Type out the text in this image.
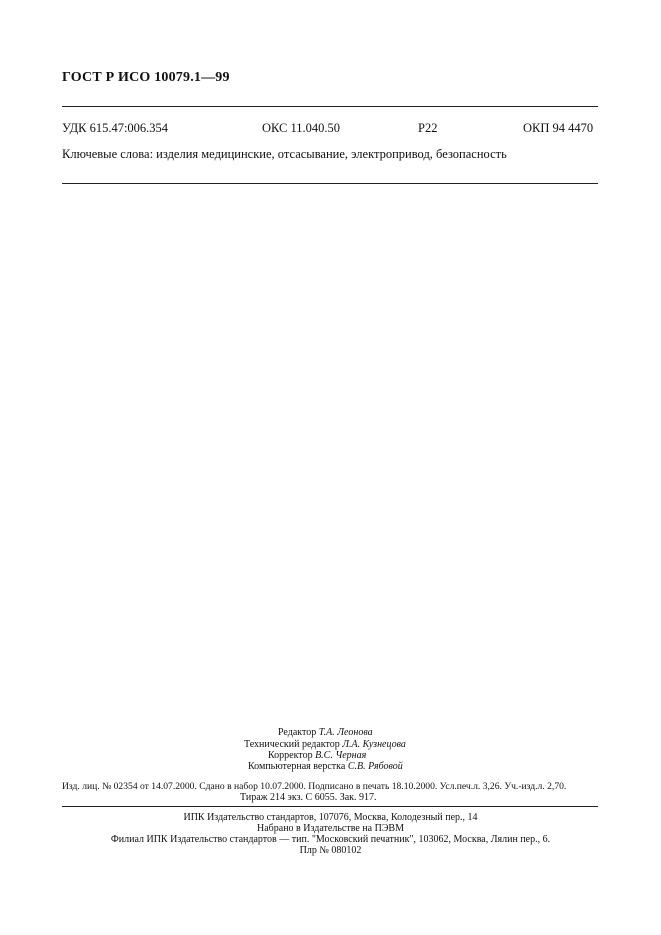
ГОСТ Р ИСО 10079.1—99
УДК 615.47:006.354	ОКС 11.040.50	Р22	ОКП 94 4470
Ключевые слова: изделия медицинские, отсасывание, электропривод, безопасность
Редактор Т.А. Леонова
Технический редактор Л.А. Кузнецова
Корректор В.С. Черная
Компьютерная верстка С.В. Рябовой
Изд. лиц. № 02354 от 14.07.2000. Сдано в набор 10.07.2000. Подписано в печать 18.10.2000. Усл.печ.л. 3,26. Уч.-изд.л. 2,70.
Тираж 214 экз. С 6055. Зак. 917.
ИПК Издательство стандартов, 107076, Москва, Колодезный пер., 14
Набрано в Издательстве на ПЭВМ
Филиал ИПК Издательство стандартов — тип. "Московский печатник", 103062, Москва, Лялин пер., 6.
Плр № 080102
